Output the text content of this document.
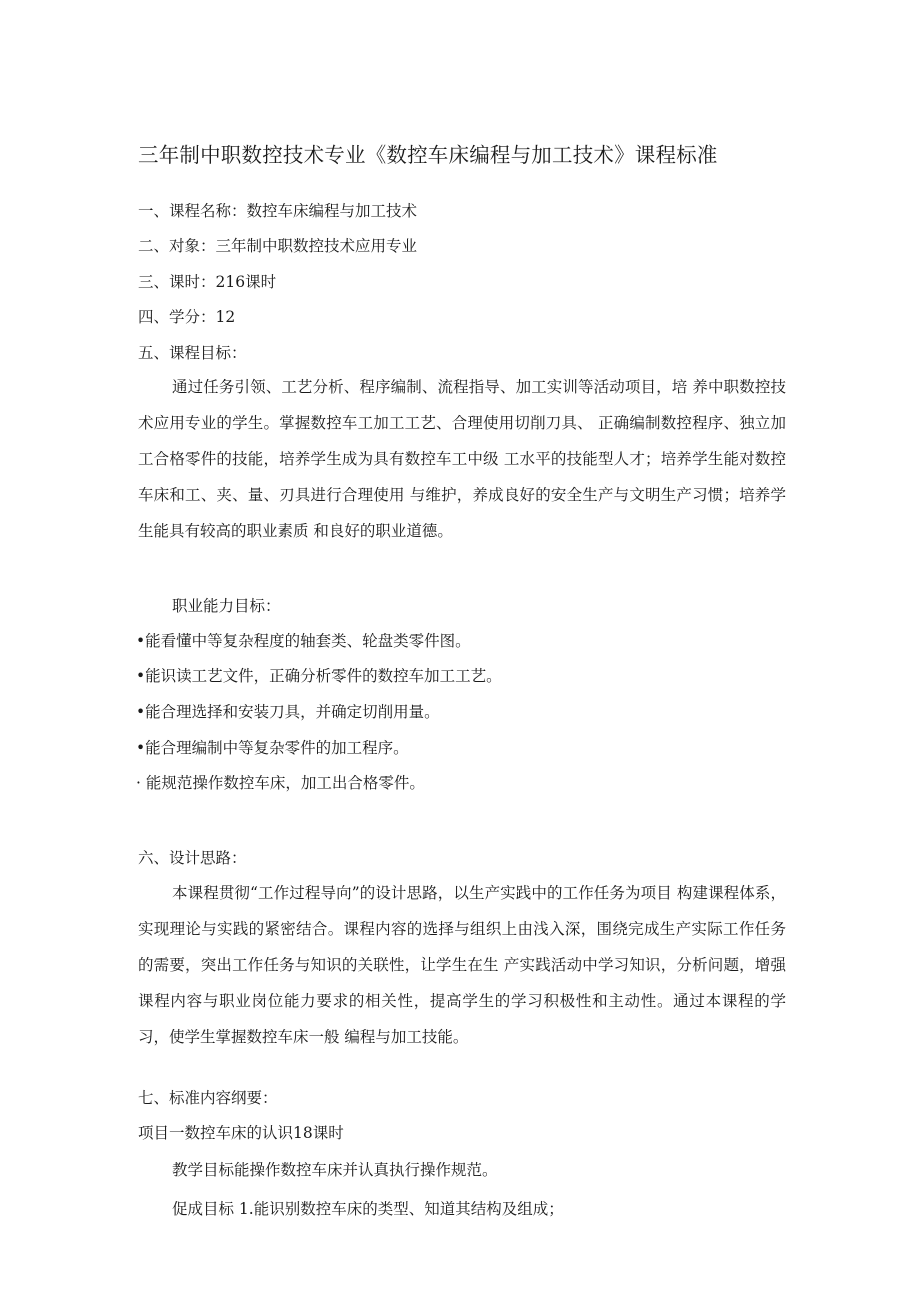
三年制中职数控技术专业《数控车床编程与加工技术》课程标准
一、课程名称：数控车床编程与加工技术
二、对象：三年制中职数控技术应用专业
三、课时：216课时
四、学分：12
五、课程目标：

通过任务引领、工艺分析、程序编制、流程指导、加工实训等活动项目，培 养中职数控技术应用专业的学生。掌握数控车工加工工艺、合理使用切削刀具、 正确编制数控程序、独立加工合格零件的技能，培养学生成为具有数控车工中级 工水平的技能型人才；培养学生能对数控车床和工、夹、量、刃具进行合理使用 与维护，养成良好的安全生产与文明生产习惯；培养学生能具有较高的职业素质 和良好的职业道德。

职业能力目标：
•能看懂中等复杂程度的轴套类、轮盘类零件图。
•能识读工艺文件，正确分析零件的数控车加工工艺。
•能合理选择和安装刀具，并确定切削用量。
•能合理编制中等复杂零件的加工程序。
· 能规范操作数控车床，加工出合格零件。
六、设计思路：

本课程贯彻“工作过程导向”的设计思路，以生产实践中的工作任务为项目 构建课程体系，实现理论与实践的紧密结合。课程内容的选择与组织上由浅入深，围绕完成生产实际工作任务的需要，突出工作任务与知识的关联性，让学生在生 产实践活动中学习知识，分析问题，增强课程内容与职业岗位能力要求的相关性，提高学生的学习积极性和主动性。通过本课程的学习，使学生掌握数控车床一般 编程与加工技能。

七、标准内容纲要：
项目一数控车床的认识18课时
教学目标能操作数控车床并认真执行操作规范。
促成目标 1.能识别数控车床的类型、知道其结构及组成；
